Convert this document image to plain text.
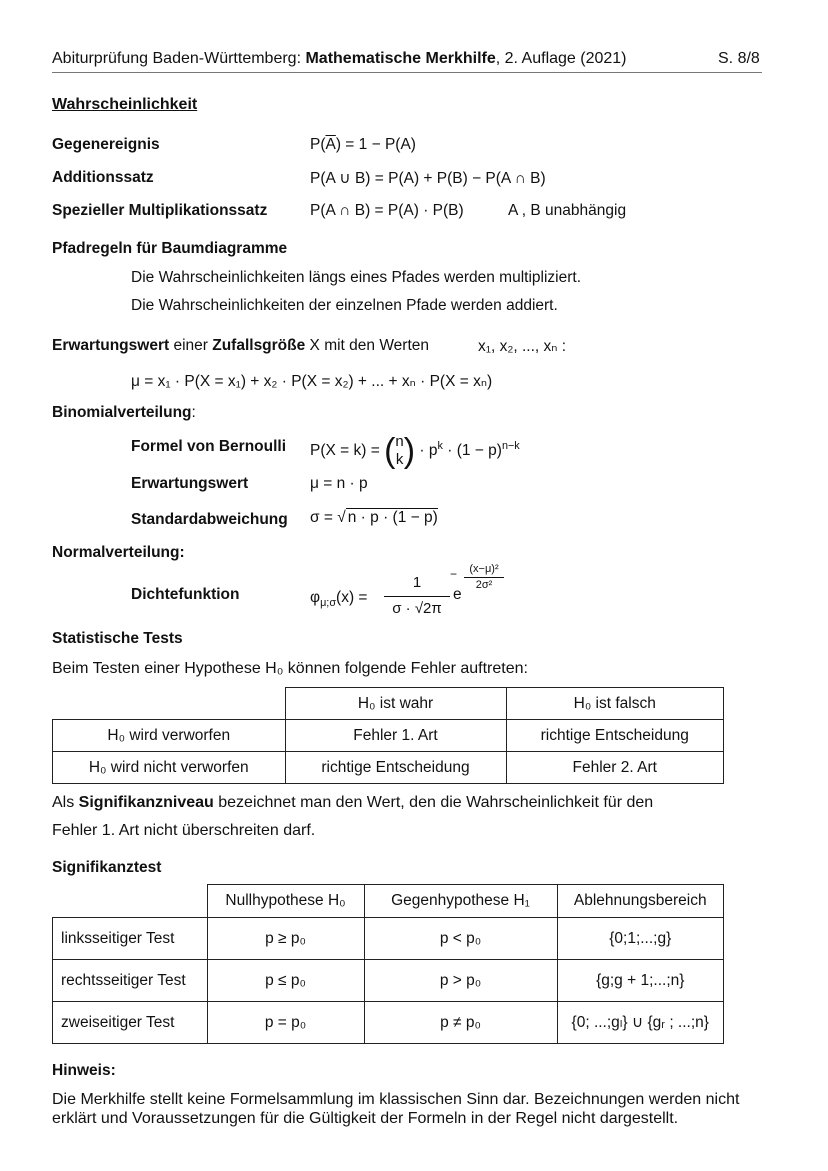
Abiturprüfung Baden-Württemberg: Mathematische Merkhilfe, 2. Auflage (2021)	S. 8/8
Wahrscheinlichkeit
Gegenereignis	$P(\overline{A}) = 1 - P(A)$
Additionssatz	P(A ∪ B) = P(A) + P(B) − P(A ∩ B)
Spezieller Multiplikationssatz	P(A ∩ B) = P(A) · P(B)	A , B unabhängig
Pfadregeln für Baumdiagramme
Die Wahrscheinlichkeiten längs eines Pfades werden multipliziert.
Die Wahrscheinlichkeiten der einzelnen Pfade werden addiert.
Erwartungswert einer Zufallsgröße X mit den Werten	x₁, x₂, ..., xₙ :
μ = x₁ · P(X = x₁) + x₂ · P(X = x₂) + ... + xₙ · P(X = xₙ)
Binomialverteilung:
Formel von Bernoulli P(X = k) = ( n
k ) · $p^k \cdot (1 - p)^{n-k}$
Erwartungswert	μ = n · p
Standardabweichung σ = √ n · p · (1 − p)
Normalverteilung:
Dichtefunktion	$\varphi_{\mu;\sigma}(x)$ =
1
σ · √2π
e
−	(x−μ)²
2σ²
Statistische Tests
Beim Testen einer Hypothese H₀ können folgende Fehler auftreten:
	H₀ ist wahr	H₀ ist falsch
H₀ wird verworfen	Fehler 1. Art	richtige Entscheidung
H₀ wird nicht verworfen	richtige Entscheidung	Fehler 2. Art
Als Signifikanzniveau bezeichnet man den Wert, den die Wahrscheinlichkeit für den
Fehler 1. Art nicht überschreiten darf.
Signifikanztest
	Nullhypothese H₀	Gegenhypothese H₁	Ablehnungsbereich
linksseitiger Test	p ≥ p₀	p < p₀	{0;1;...;g}
rechtsseitiger Test	p ≤ p₀	p > p₀	{g;g + 1;...;n}
zweiseitiger Test	p = p₀	p ≠ p₀	{0; ...;gₗ} ∪ {gᵣ ; ...;n}
Hinweis:
Die Merkhilfe stellt keine Formelsammlung im klassischen Sinn dar. Bezeichnungen werden nicht
erklärt und Voraussetzungen für die Gültigkeit der Formeln in der Regel nicht dargestellt.
